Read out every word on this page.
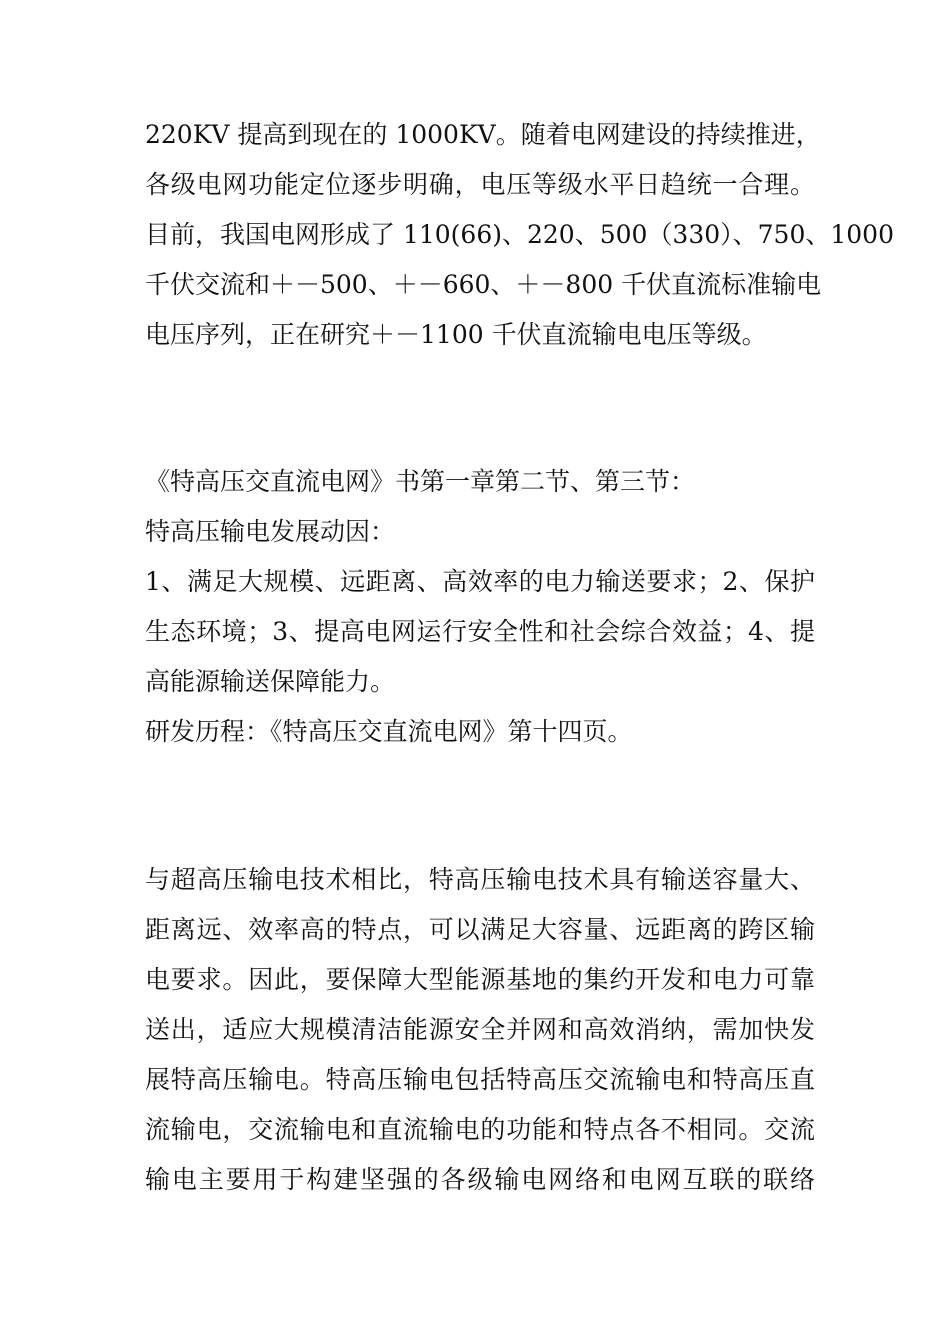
220KV 提高到现在的 1000KV。随着电网建设的持续推进，
各级电网功能定位逐步明确，电压等级水平日趋统一合理。
目前，我国电网形成了 110(66)、220、500（330）、750、1000
千伏交流和＋－500、＋－660、＋－800 千伏直流标准输电
电压序列，正在研究＋－1100 千伏直流输电电压等级。
《特高压交直流电网》书第一章第二节、第三节：
特高压输电发展动因：
1、满足大规模、远距离、高效率的电力输送要求；2、保护
生态环境；3、提高电网运行安全性和社会综合效益；4、提
高能源输送保障能力。
研发历程：《特高压交直流电网》第十四页。
与超高压输电技术相比，特高压输电技术具有输送容量大、
距离远、效率高的特点，可以满足大容量、远距离的跨区输
电要求。因此，要保障大型能源基地的集约开发和电力可靠
送出，适应大规模清洁能源安全并网和高效消纳，需加快发
展特高压输电。特高压输电包括特高压交流输电和特高压直
流输电，交流输电和直流输电的功能和特点各不相同。交流
输电主要用于构建坚强的各级输电网络和电网互联的联络
